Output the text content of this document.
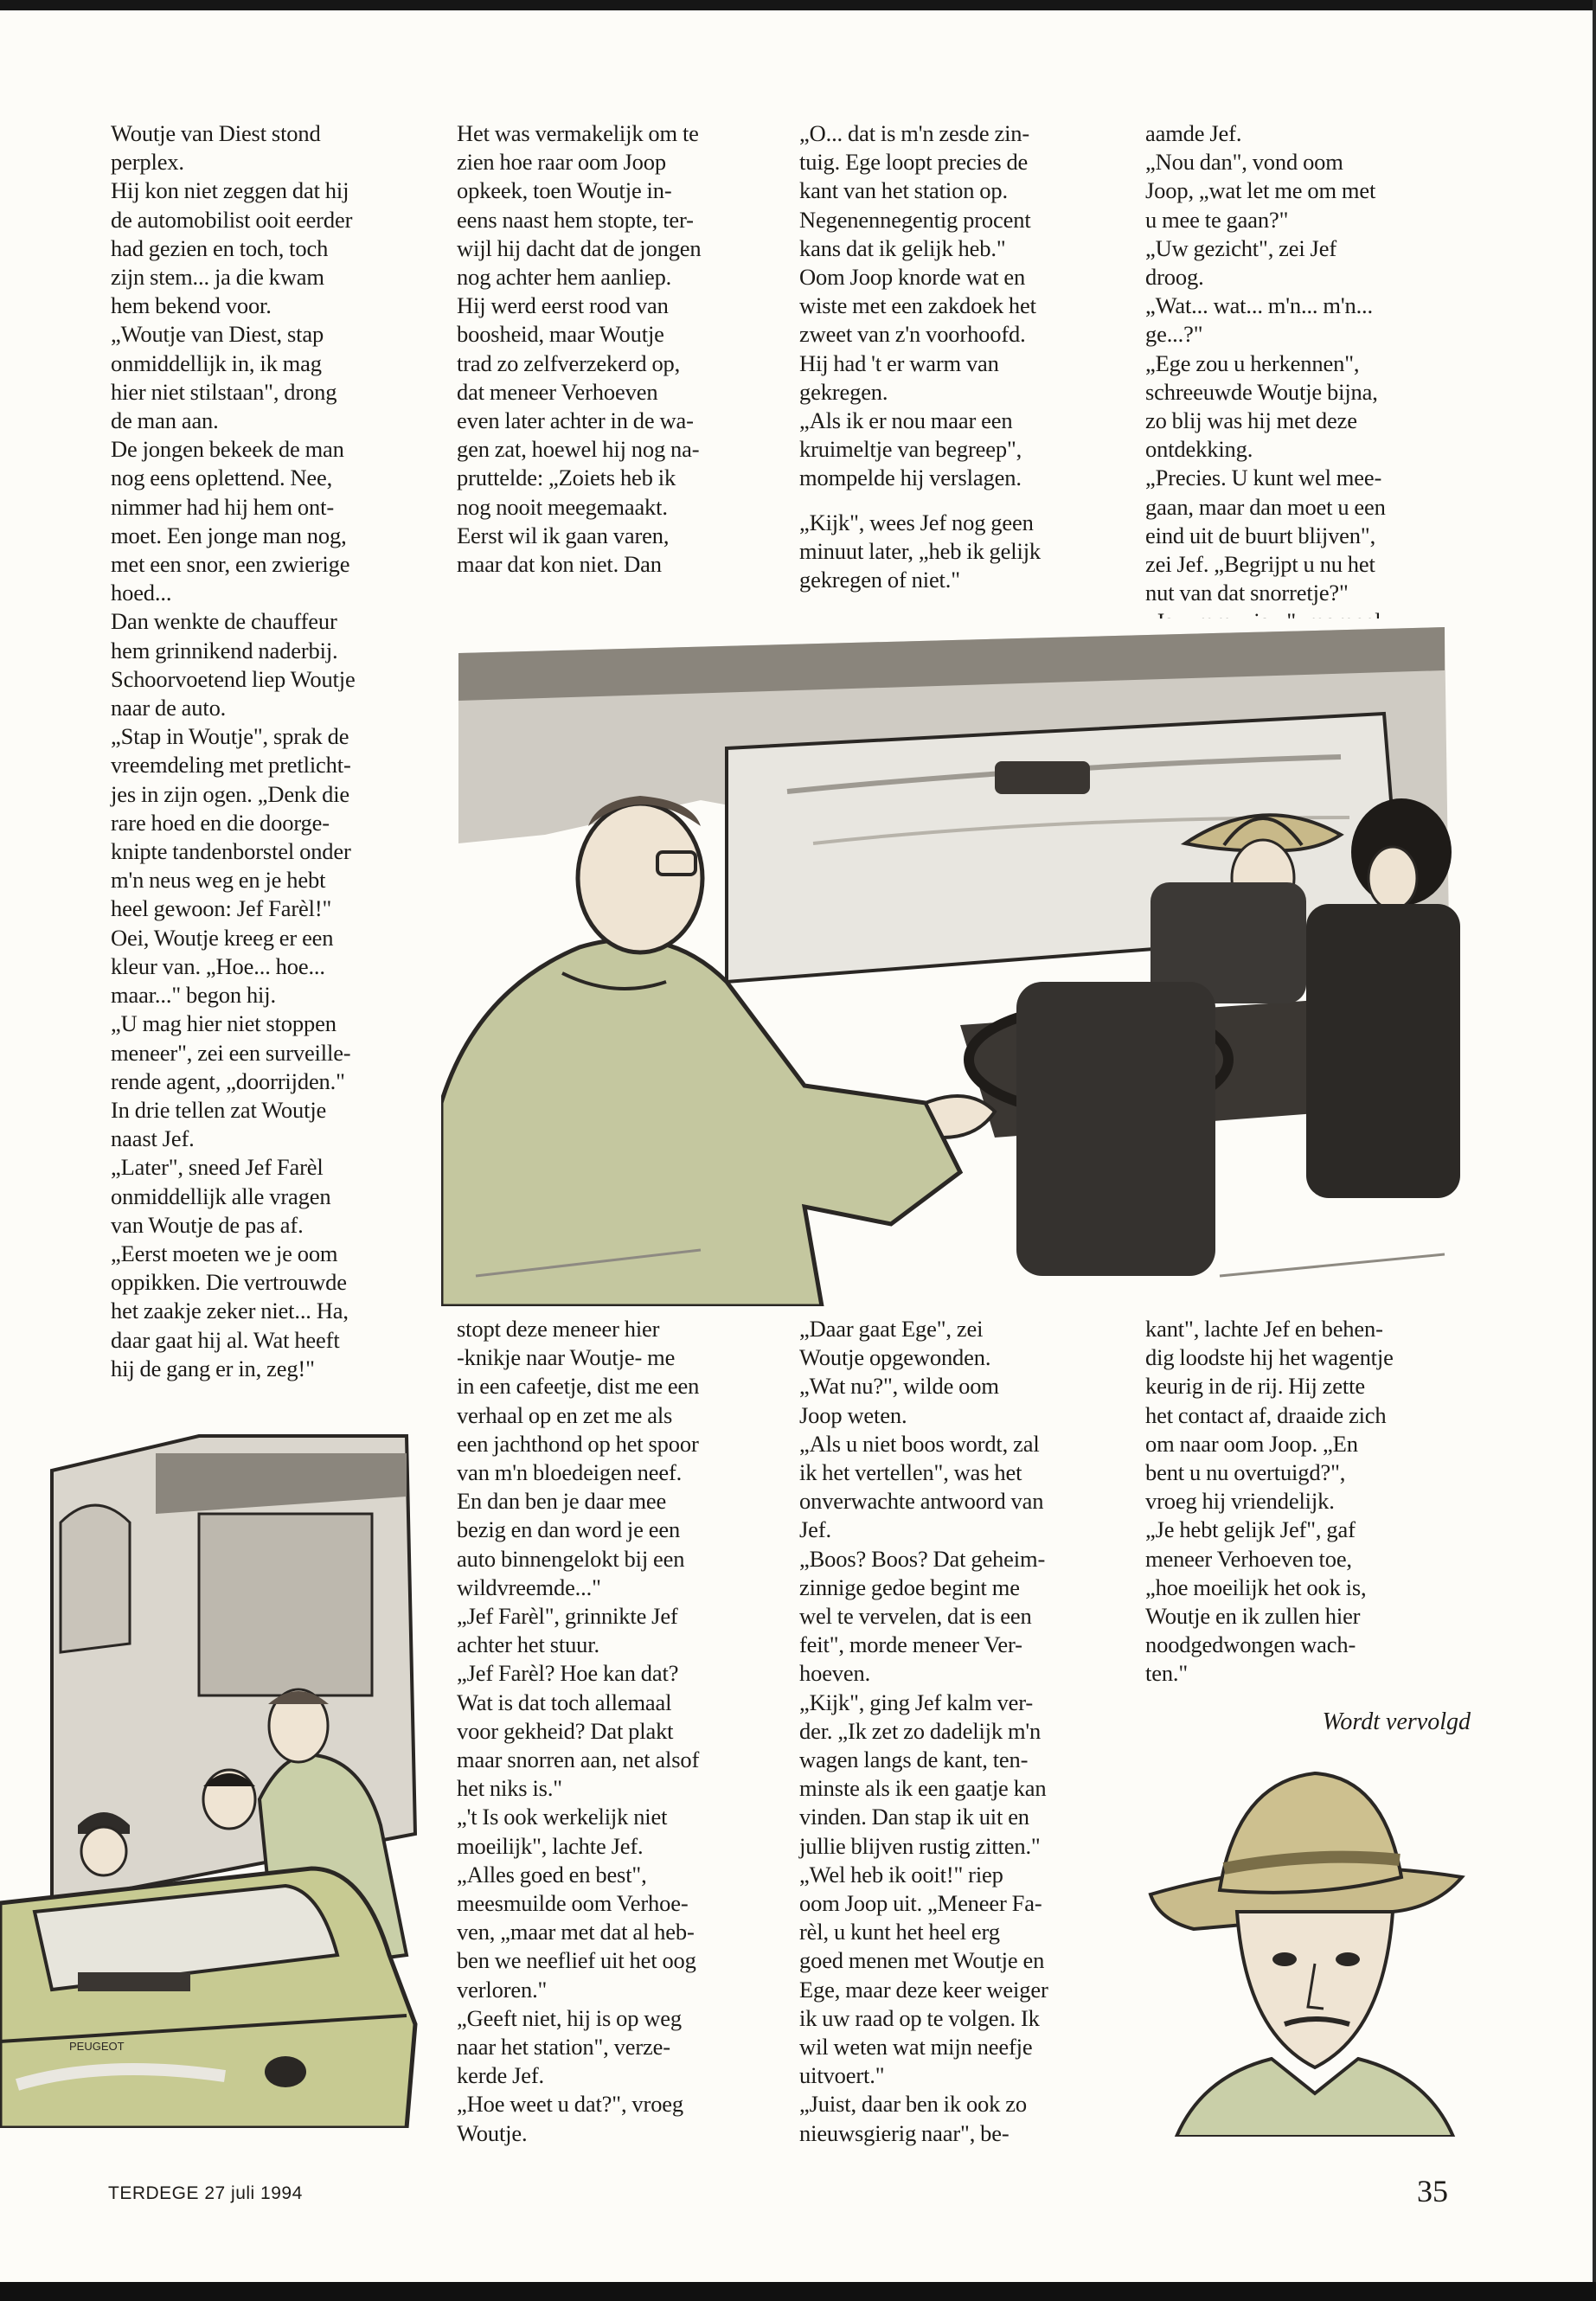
Woutje van Diest stond
perplex.
Hij kon niet zeggen dat hij
de automobilist ooit eerder
had gezien en toch, toch
zijn stem... ja die kwam
hem bekend voor.
„Woutje van Diest, stap
onmiddellijk in, ik mag
hier niet stilstaan", drong
de man aan.
De jongen bekeek de man
nog eens oplettend. Nee,
nimmer had hij hem ont-
moet. Een jonge man nog,
met een snor, een zwierige
hoed...
Dan wenkte de chauffeur
hem grinnikend naderbij.
Schoorvoetend liep Woutje
naar de auto.
„Stap in Woutje", sprak de
vreemdeling met pretlicht-
jes in zijn ogen. „Denk die
rare hoed en die doorge-
knipte tandenborstel onder
m'n neus weg en je hebt
heel gewoon: Jef Farèl!"
Oei, Woutje kreeg er een
kleur van. „Hoe... hoe...
maar..." begon hij.
„U mag hier niet stoppen
meneer", zei een surveille-
rende agent, „doorrijden."
In drie tellen zat Woutje
naast Jef.
„Later", sneed Jef Farèl
onmiddellijk alle vragen
van Woutje de pas af.
„Eerst moeten we je oom
oppikken. Die vertrouwde
het zaakje zeker niet... Ha,
daar gaat hij al. Wat heeft
hij de gang er in, zeg!"
Het was vermakelijk om te
zien hoe raar oom Joop
opkeek, toen Woutje in-
eens naast hem stopte, ter-
wijl hij dacht dat de jongen
nog achter hem aanliep.
Hij werd eerst rood van
boosheid, maar Woutje
trad zo zelfverzekerd op,
dat meneer Verhoeven
even later achter in de wa-
gen zat, hoewel hij nog na-
pruttelde: „Zoiets heb ik
nog nooit meegemaakt.
Eerst wil ik gaan varen,
maar dat kon niet. Dan
„O... dat is m'n zesde zin-
tuig. Ege loopt precies de
kant van het station op.
Negenennegentig procent
kans dat ik gelijk heb."
Oom Joop knorde wat en
wiste met een zakdoek het
zweet van z'n voorhoofd.
Hij had 't er warm van
gekregen.
„Als ik er nou maar een
kruimeltje van begreep",
mompelde hij verslagen.
„Kijk", wees Jef nog geen
minuut later, „heb ik gelijk
gekregen of niet."
aamde Jef.
„Nou dan", vond oom
Joop, „wat let me om met
u mee te gaan?"
„Uw gezicht", zei Jef
droog.
„Wat... wat... m'n... m'n...
ge...?"
„Ege zou u herkennen",
schreeuwde Woutje bijna,
zo blij was hij met deze
ontdekking.
„Precies. U kunt wel mee-
gaan, maar dan moet u een
eind uit de buurt blijven",
zei Jef. „Begrijpt u nu het
nut van dat snorretje?"

stopt deze meneer hier
-knikje naar Woutje- me
in een cafeetje, dist me een
verhaal op en zet me als
een jachthond op het spoor
van m'n bloedeigen neef.
En dan ben je daar mee
bezig en dan word je een
auto binnengelokt bij een
wildvreemde..."
„Jef Farèl", grinnikte Jef
achter het stuur.
„Jef Farèl? Hoe kan dat?
Wat is dat toch allemaal
voor gekheid? Dat plakt
maar snorren aan, net alsof
het niks is."
„'t Is ook werkelijk niet
moeilijk", lachte Jef.
„Alles goed en best",
meesmuilde oom Verhoe-
ven, „maar met dat al heb-
ben we neeflief uit het oog
verloren."
„Geeft niet, hij is op weg
naar het station", verze-
kerde Jef.
„Hoe weet u dat?", vroeg
Woutje.
„Daar gaat Ege", zei
Woutje opgewonden.
„Wat nu?", wilde oom
Joop weten.
„Als u niet boos wordt, zal
ik het vertellen", was het
onverwachte antwoord van
Jef.
„Boos? Boos? Dat geheim-
zinnige gedoe begint me
wel te vervelen, dat is een
feit", morde meneer Ver-
hoeven.
„Kijk", ging Jef kalm ver-
der. „Ik zet zo dadelijk m'n
wagen langs de kant, ten-
minste als ik een gaatje kan
vinden. Dan stap ik uit en
jullie blijven rustig zitten."
„Wel heb ik ooit!" riep
oom Joop uit. „Meneer Fa-
rèl, u kunt het heel erg
goed menen met Woutje en
Ege, maar deze keer weiger
ik uw raad op te volgen. Ik
wil weten wat mijn neefje
uitvoert."
„Juist, daar ben ik ook zo
nieuwsgierig naar", be-
kant", lachte Jef en behen-
dig loodste hij het wagentje
keurig in de rij. Hij zette
het contact af, draaide zich
om naar oom Joop. „En
bent u nu overtuigd?",
vroeg hij vriendelijk.
„Je hebt gelijk Jef", gaf
meneer Verhoeven toe,
„hoe moeilijk het ook is,
Woutje en ik zullen hier
noodgedwongen wach-
ten."
Wordt vervolgd
PEUGEOT
TERDEGE 27 juli 1994	35
